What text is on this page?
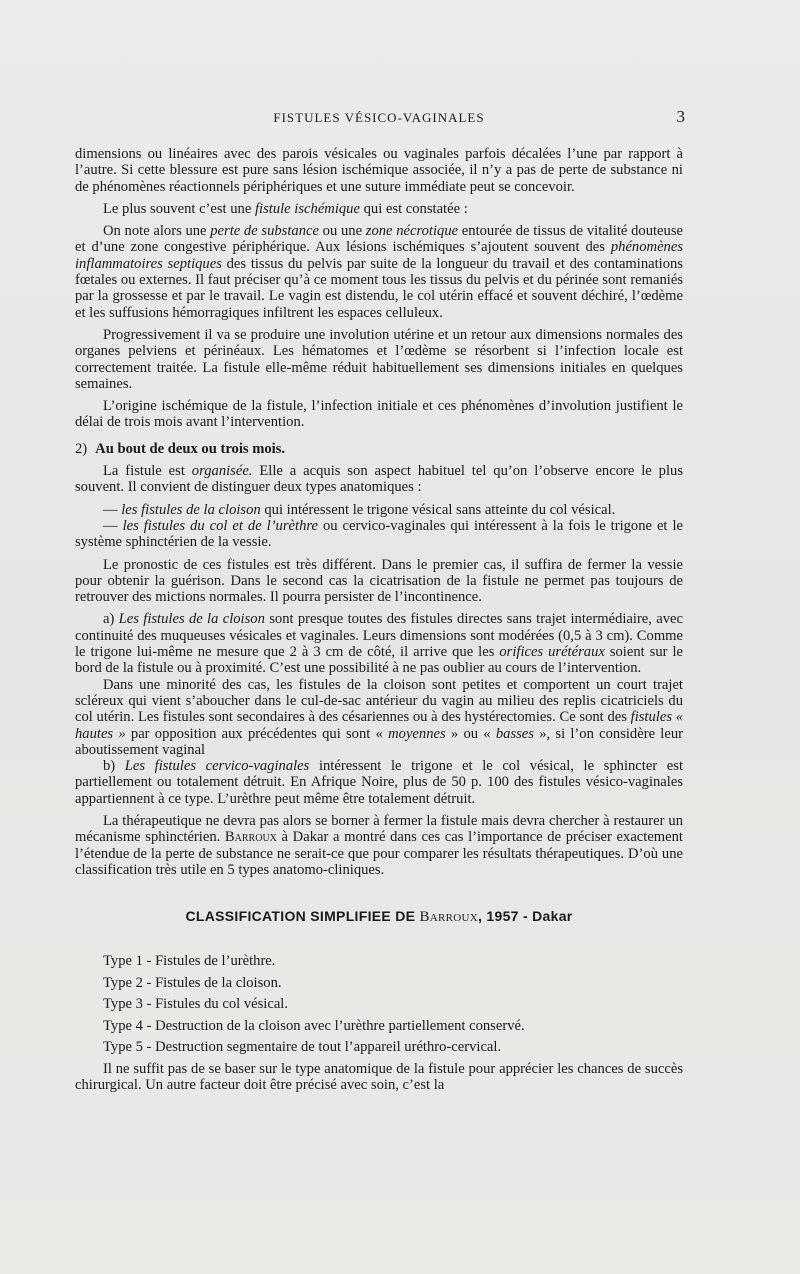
FISTULES VÉSICO-VAGINALES	3

dimensions ou linéaires avec des parois vésicales ou vaginales parfois décalées l’une par rapport à l’autre. Si cette blessure est pure sans lésion ischémique associée, il n’y a pas de perte de substance ni de phénomènes réactionnels périphériques et une suture immédiate peut se concevoir.

Le plus souvent c’est une fistule ischémique qui est constatée :

On note alors une perte de substance ou une zone nécrotique entourée de tissus de vitalité douteuse et d’une zone congestive périphérique. Aux lésions ischémiques s’ajoutent souvent des phénomènes inflammatoires septiques des tissus du pelvis par suite de la longueur du travail et des contaminations fœtales ou externes. Il faut préciser qu’à ce moment tous les tissus du pelvis et du périnée sont remaniés par la grossesse et par le travail. Le vagin est distendu, le col utérin effacé et souvent déchiré, l’œdème et les suffusions hémorragiques infiltrent les espaces celluleux.

Progressivement il va se produire une involution utérine et un retour aux dimensions normales des organes pelviens et périnéaux. Les hématomes et l’œdème se résorbent si l’infection locale est correctement traitée. La fistule elle-même réduit habituellement ses dimensions initiales en quelques semaines.

L’origine ischémique de la fistule, l’infection initiale et ces phénomènes d’involution justifient le délai de trois mois avant l’intervention.

2) Au bout de deux ou trois mois.

La fistule est organisée. Elle a acquis son aspect habituel tel qu’on l’observe encore le plus souvent. Il convient de distinguer deux types anatomiques :

— les fistules de la cloison qui intéressent le trigone vésical sans atteinte du col vésical.

— les fistules du col et de l’urèthre ou cervico-vaginales qui intéressent à la fois le trigone et le système sphinctérien de la vessie.

Le pronostic de ces fistules est très différent. Dans le premier cas, il suffira de fermer la vessie pour obtenir la guérison. Dans le second cas la cicatrisation de la fistule ne permet pas toujours de retrouver des mictions normales. Il pourra persister de l’incontinence.

a) Les fistules de la cloison sont presque toutes des fistules directes sans trajet intermédiaire, avec continuité des muqueuses vésicales et vaginales. Leurs dimensions sont modérées (0,5 à 3 cm). Comme le trigone lui-même ne mesure que 2 à 3 cm de côté, il arrive que les orifices urétéraux soient sur le bord de la fistule ou à proximité. C’est une possibilité à ne pas oublier au cours de l’intervention.

Dans une minorité des cas, les fistules de la cloison sont petites et comportent un court trajet scléreux qui vient s’aboucher dans le cul-de-sac antérieur du vagin au milieu des replis cicatriciels du col utérin. Les fistules sont secondaires à des césariennes ou à des hystérectomies. Ce sont des fistules « hautes » par opposition aux précédentes qui sont « moyennes » ou « basses », si l’on considère leur aboutissement vaginal

b) Les fistules cervico-vaginales intéressent le trigone et le col vésical, le sphincter est partiellement ou totalement détruit. En Afrique Noire, plus de 50 p. 100 des fistules vésico-vaginales appartiennent à ce type. L’urèthre peut même être totalement détruit.

La thérapeutique ne devra pas alors se borner à fermer la fistule mais devra chercher à restaurer un mécanisme sphinctérien. Barroux à Dakar a montré dans ces cas l’importance de préciser exactement l’étendue de la perte de substance ne serait-ce que pour comparer les résultats thérapeutiques. D’où une classification très utile en 5 types anatomo-cliniques.

CLASSIFICATION SIMPLIFIEE DE Barroux, 1957 - Dakar
Type 1 - Fistules de l’urèthre.
Type 2 - Fistules de la cloison.
Type 3 - Fistules du col vésical.
Type 4 - Destruction de la cloison avec l’urèthre partiellement conservé.
Type 5 - Destruction segmentaire de tout l’appareil uréthro-cervical.

Il ne suffit pas de se baser sur le type anatomique de la fistule pour apprécier les chances de succès chirurgical. Un autre facteur doit être précisé avec soin, c’est la
